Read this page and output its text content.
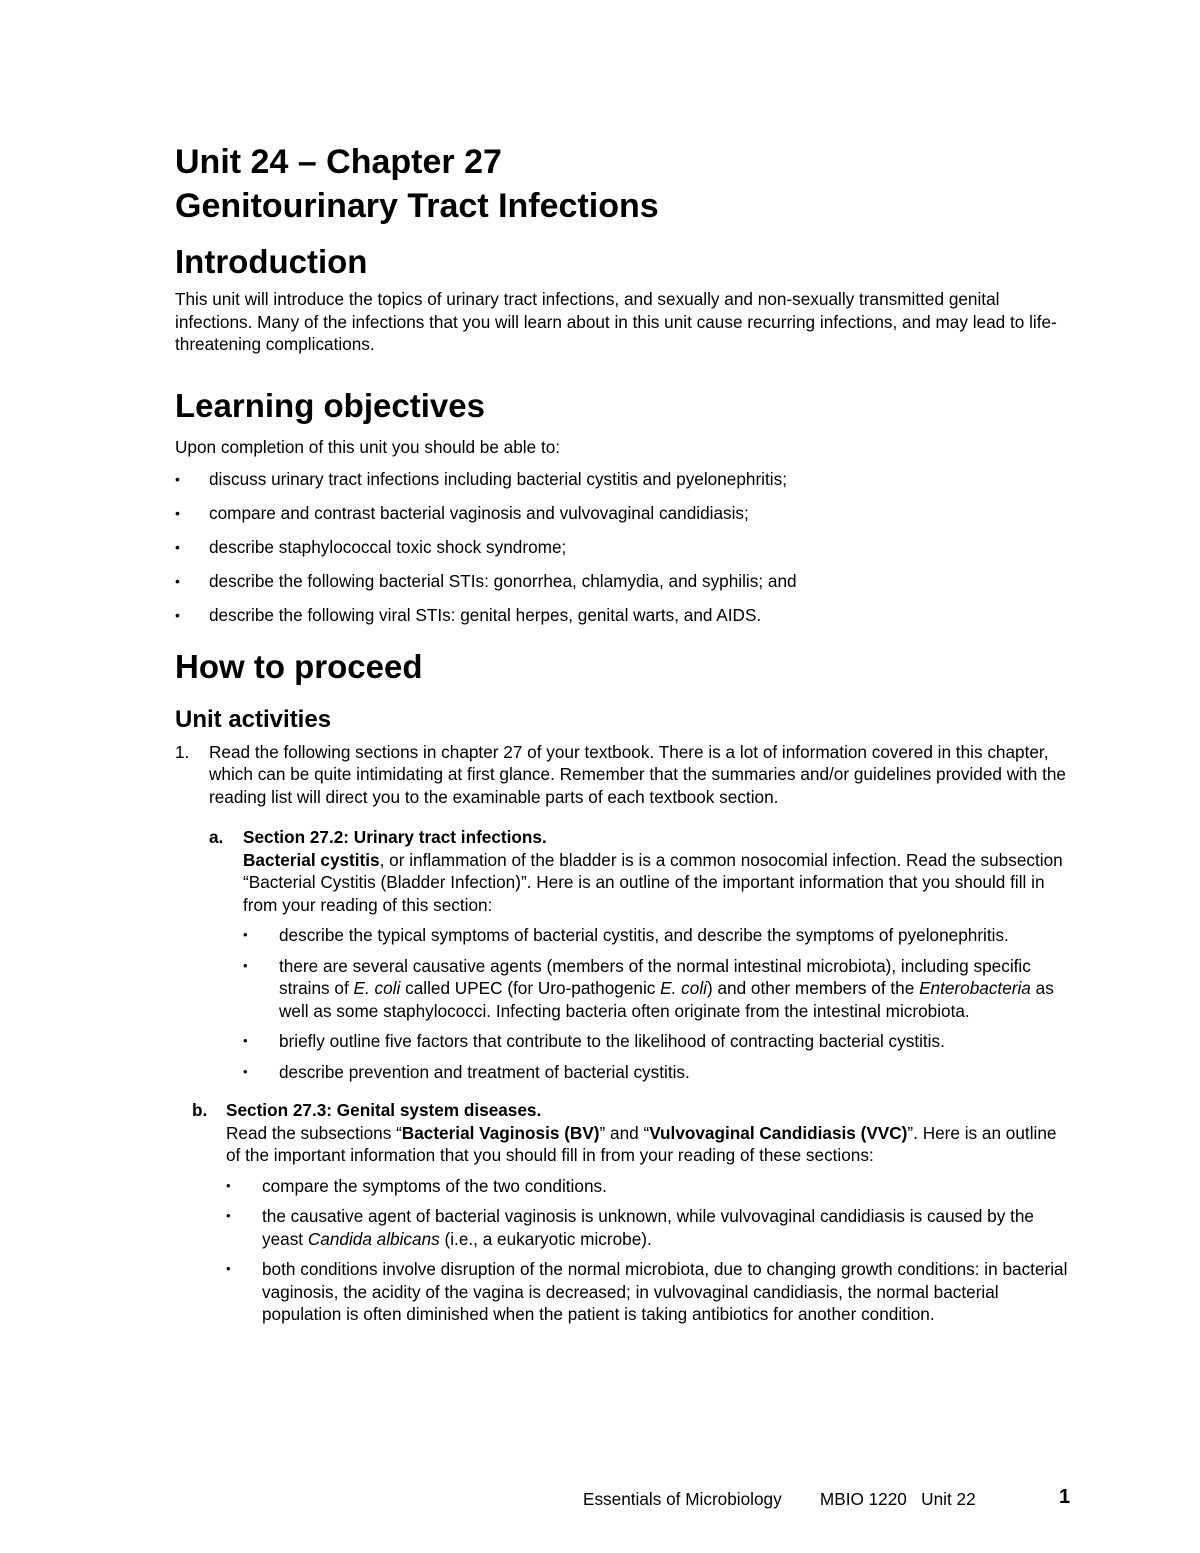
Unit 24 – Chapter 27
Genitourinary Tract Infections
Introduction

This unit will introduce the topics of urinary tract infections, and sexually and non-sexually transmitted genital infections. Many of the infections that you will learn about in this unit cause recurring infections, and may lead to life-threatening complications.

Learning objectives

Upon completion of this unit you should be able to:

• discuss urinary tract infections including bacterial cystitis and pyelonephritis;
• compare and contrast bacterial vaginosis and vulvovaginal candidiasis;
• describe staphylococcal toxic shock syndrome;
• describe the following bacterial STIs: gonorrhea, chlamydia, and syphilis; and
• describe the following viral STIs: genital herpes, genital warts, and AIDS.
How to proceed
Unit activities
1. Read the following sections in chapter 27 of your textbook. There is a lot of information covered in this chapter, which can be quite intimidating at first glance. Remember that the summaries and/or guidelines provided with the reading list will direct you to the examinable parts of each textbook section.

a. Section 27.2: Urinary tract infections.

Bacterial cystitis, or inflammation of the bladder is is a common nosocomial infection. Read the subsection “Bacterial Cystitis (Bladder Infection)”. Here is an outline of the important information that you should fill in from your reading of this section:

• describe the typical symptoms of bacterial cystitis, and describe the symptoms of pyelonephritis.
• there are several causative agents (members of the normal intestinal microbiota), including specific strains of E. coli called UPEC (for Uro-pathogenic E. coli) and other members of the Enterobacteria as well as some staphylococci. Infecting bacteria often originate from the intestinal microbiota.
• briefly outline five factors that contribute to the likelihood of contracting bacterial cystitis.
• describe prevention and treatment of bacterial cystitis.
b. Section 27.3: Genital system diseases.

Read the subsections “Bacterial Vaginosis (BV)” and “Vulvovaginal Candidiasis (VVC)”. Here is an outline of the important information that you should fill in from your reading of these sections:

• compare the symptoms of the two conditions.
• the causative agent of bacterial vaginosis is unknown, while vulvovaginal candidiasis is caused by the yeast Candida albicans (i.e., a eukaryotic microbe).
• both conditions involve disruption of the normal microbiota, due to changing growth conditions: in bacterial vaginosis, the acidity of the vagina is decreased; in vulvovaginal candidiasis, the normal bacterial population is often diminished when the patient is taking antibiotics for another condition.
Essentials of Microbiology MBIO 1220 Unit 22	1
